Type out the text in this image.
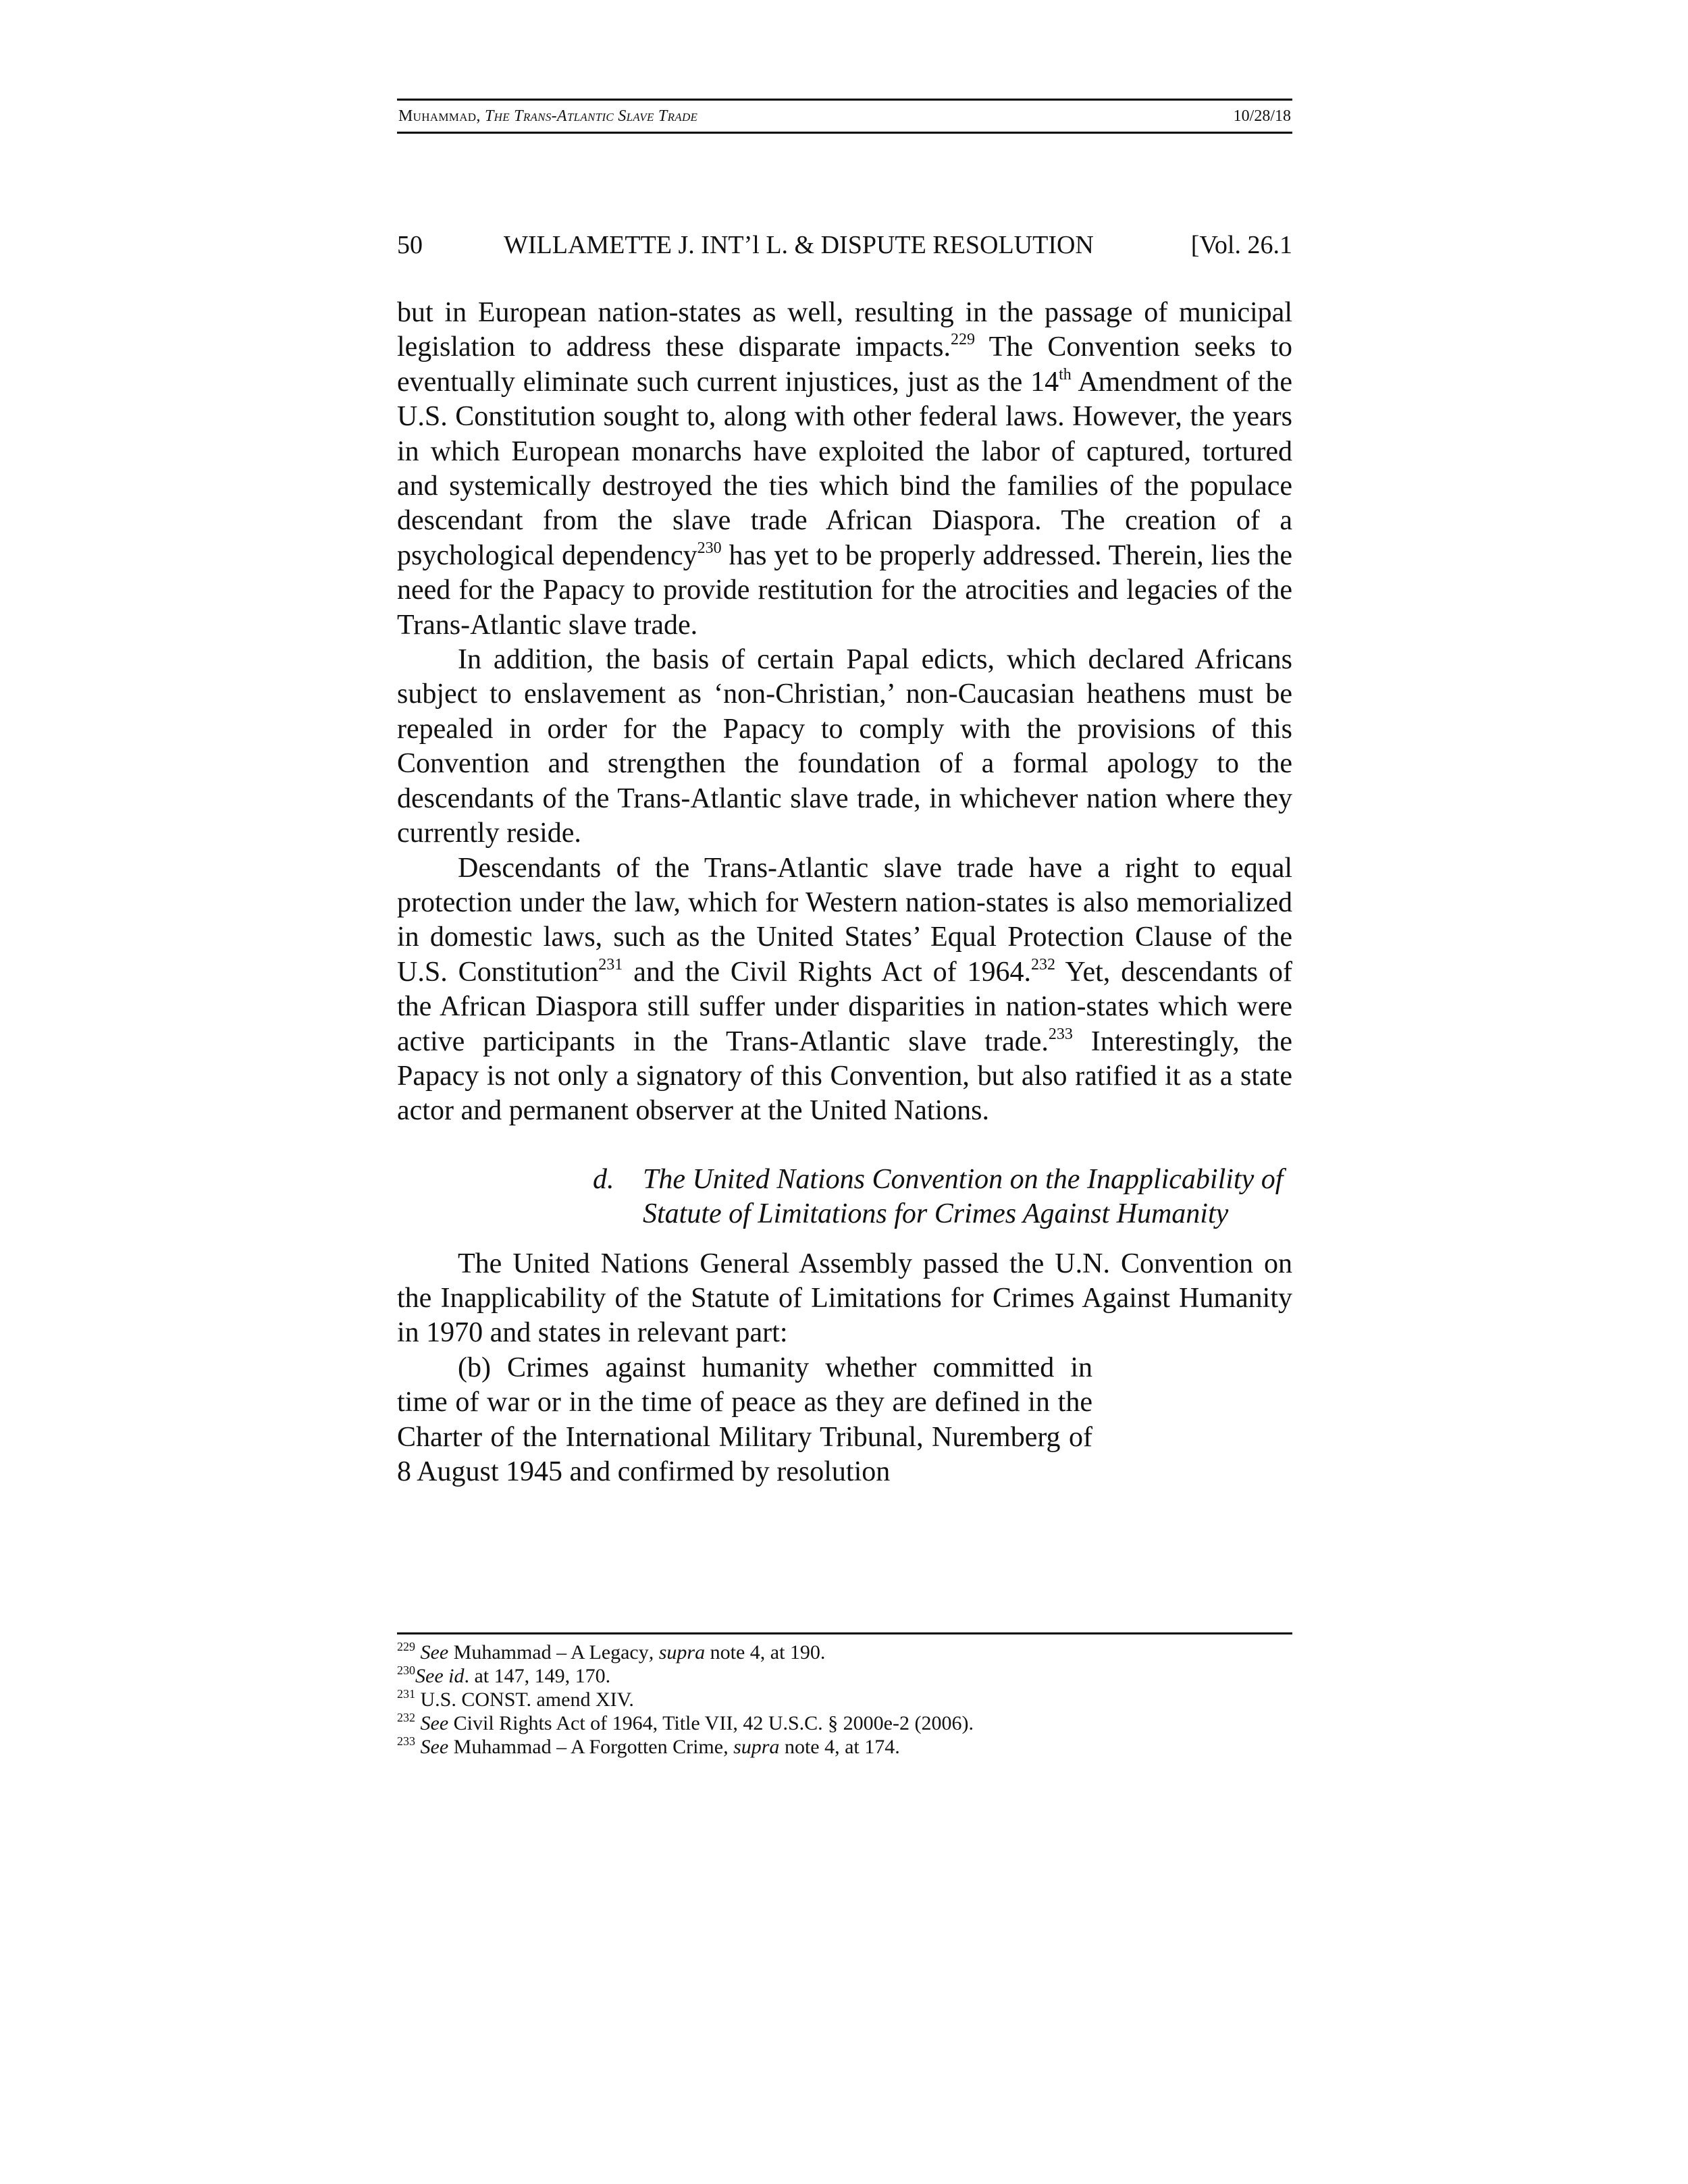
Muhammad, The Trans-Atlantic Slave Trade	10/28/18
50	WILLAMETTE J. INT’l L. & DISPUTE RESOLUTION	[Vol. 26.1

but in European nation-states as well, resulting in the passage of municipal legislation to address these disparate impacts.$^{229}$ The Convention seeks to eventually eliminate such current injustices, just as the 14th Amendment of the U.S. Constitution sought to, along with other federal laws. However, the years in which European monarchs have exploited the labor of captured, tortured and systemically destroyed the ties which bind the families of the populace descendant from the slave trade African Diaspora. The creation of a psychological dependency$^{230}$ has yet to be properly addressed. Therein, lies the need for the Papacy to provide restitution for the atrocities and legacies of the Trans-Atlantic slave trade.

In addition, the basis of certain Papal edicts, which declared Africans subject to enslavement as ‘non-Christian,’ non-Caucasian heathens must be repealed in order for the Papacy to comply with the provisions of this Convention and strengthen the foundation of a formal apology to the descendants of the Trans-Atlantic slave trade, in whichever nation where they currently reside.

Descendants of the Trans-Atlantic slave trade have a right to equal protection under the law, which for Western nation-states is also memorialized in domestic laws, such as the United States’ Equal Protection Clause of the U.S. Constitution$^{231}$ and the Civil Rights Act of 1964.$^{232}$ Yet, descendants of the African Diaspora still suffer under disparities in nation-states which were active participants in the Trans-Atlantic slave trade.$^{233}$ Interestingly, the Papacy is not only a signatory of this Convention, but also ratified it as a state actor and permanent observer at the United Nations.

d. The United Nations Convention on the Inapplicability of Statute of Limitations for Crimes Against Humanity

The United Nations General Assembly passed the U.N. Convention on the Inapplicability of the Statute of Limitations for Crimes Against Humanity in 1970 and states in relevant part:

(b) Crimes against humanity whether committed in time of war or in the time of peace as they are defined in the Charter of the International Military Tribunal, Nuremberg of 8 August 1945 and confirmed by resolution

$^{229}$ See Muhammad – A Legacy, supra note 4, at 190.
$^{230}$See id. at 147, 149, 170.
$^{231}$ U.S. CONST. amend XIV.
$^{232}$ See Civil Rights Act of 1964, Title VII, 42 U.S.C. § 2000e-2 (2006).
$^{233}$ See Muhammad – A Forgotten Crime, supra note 4, at 174.
